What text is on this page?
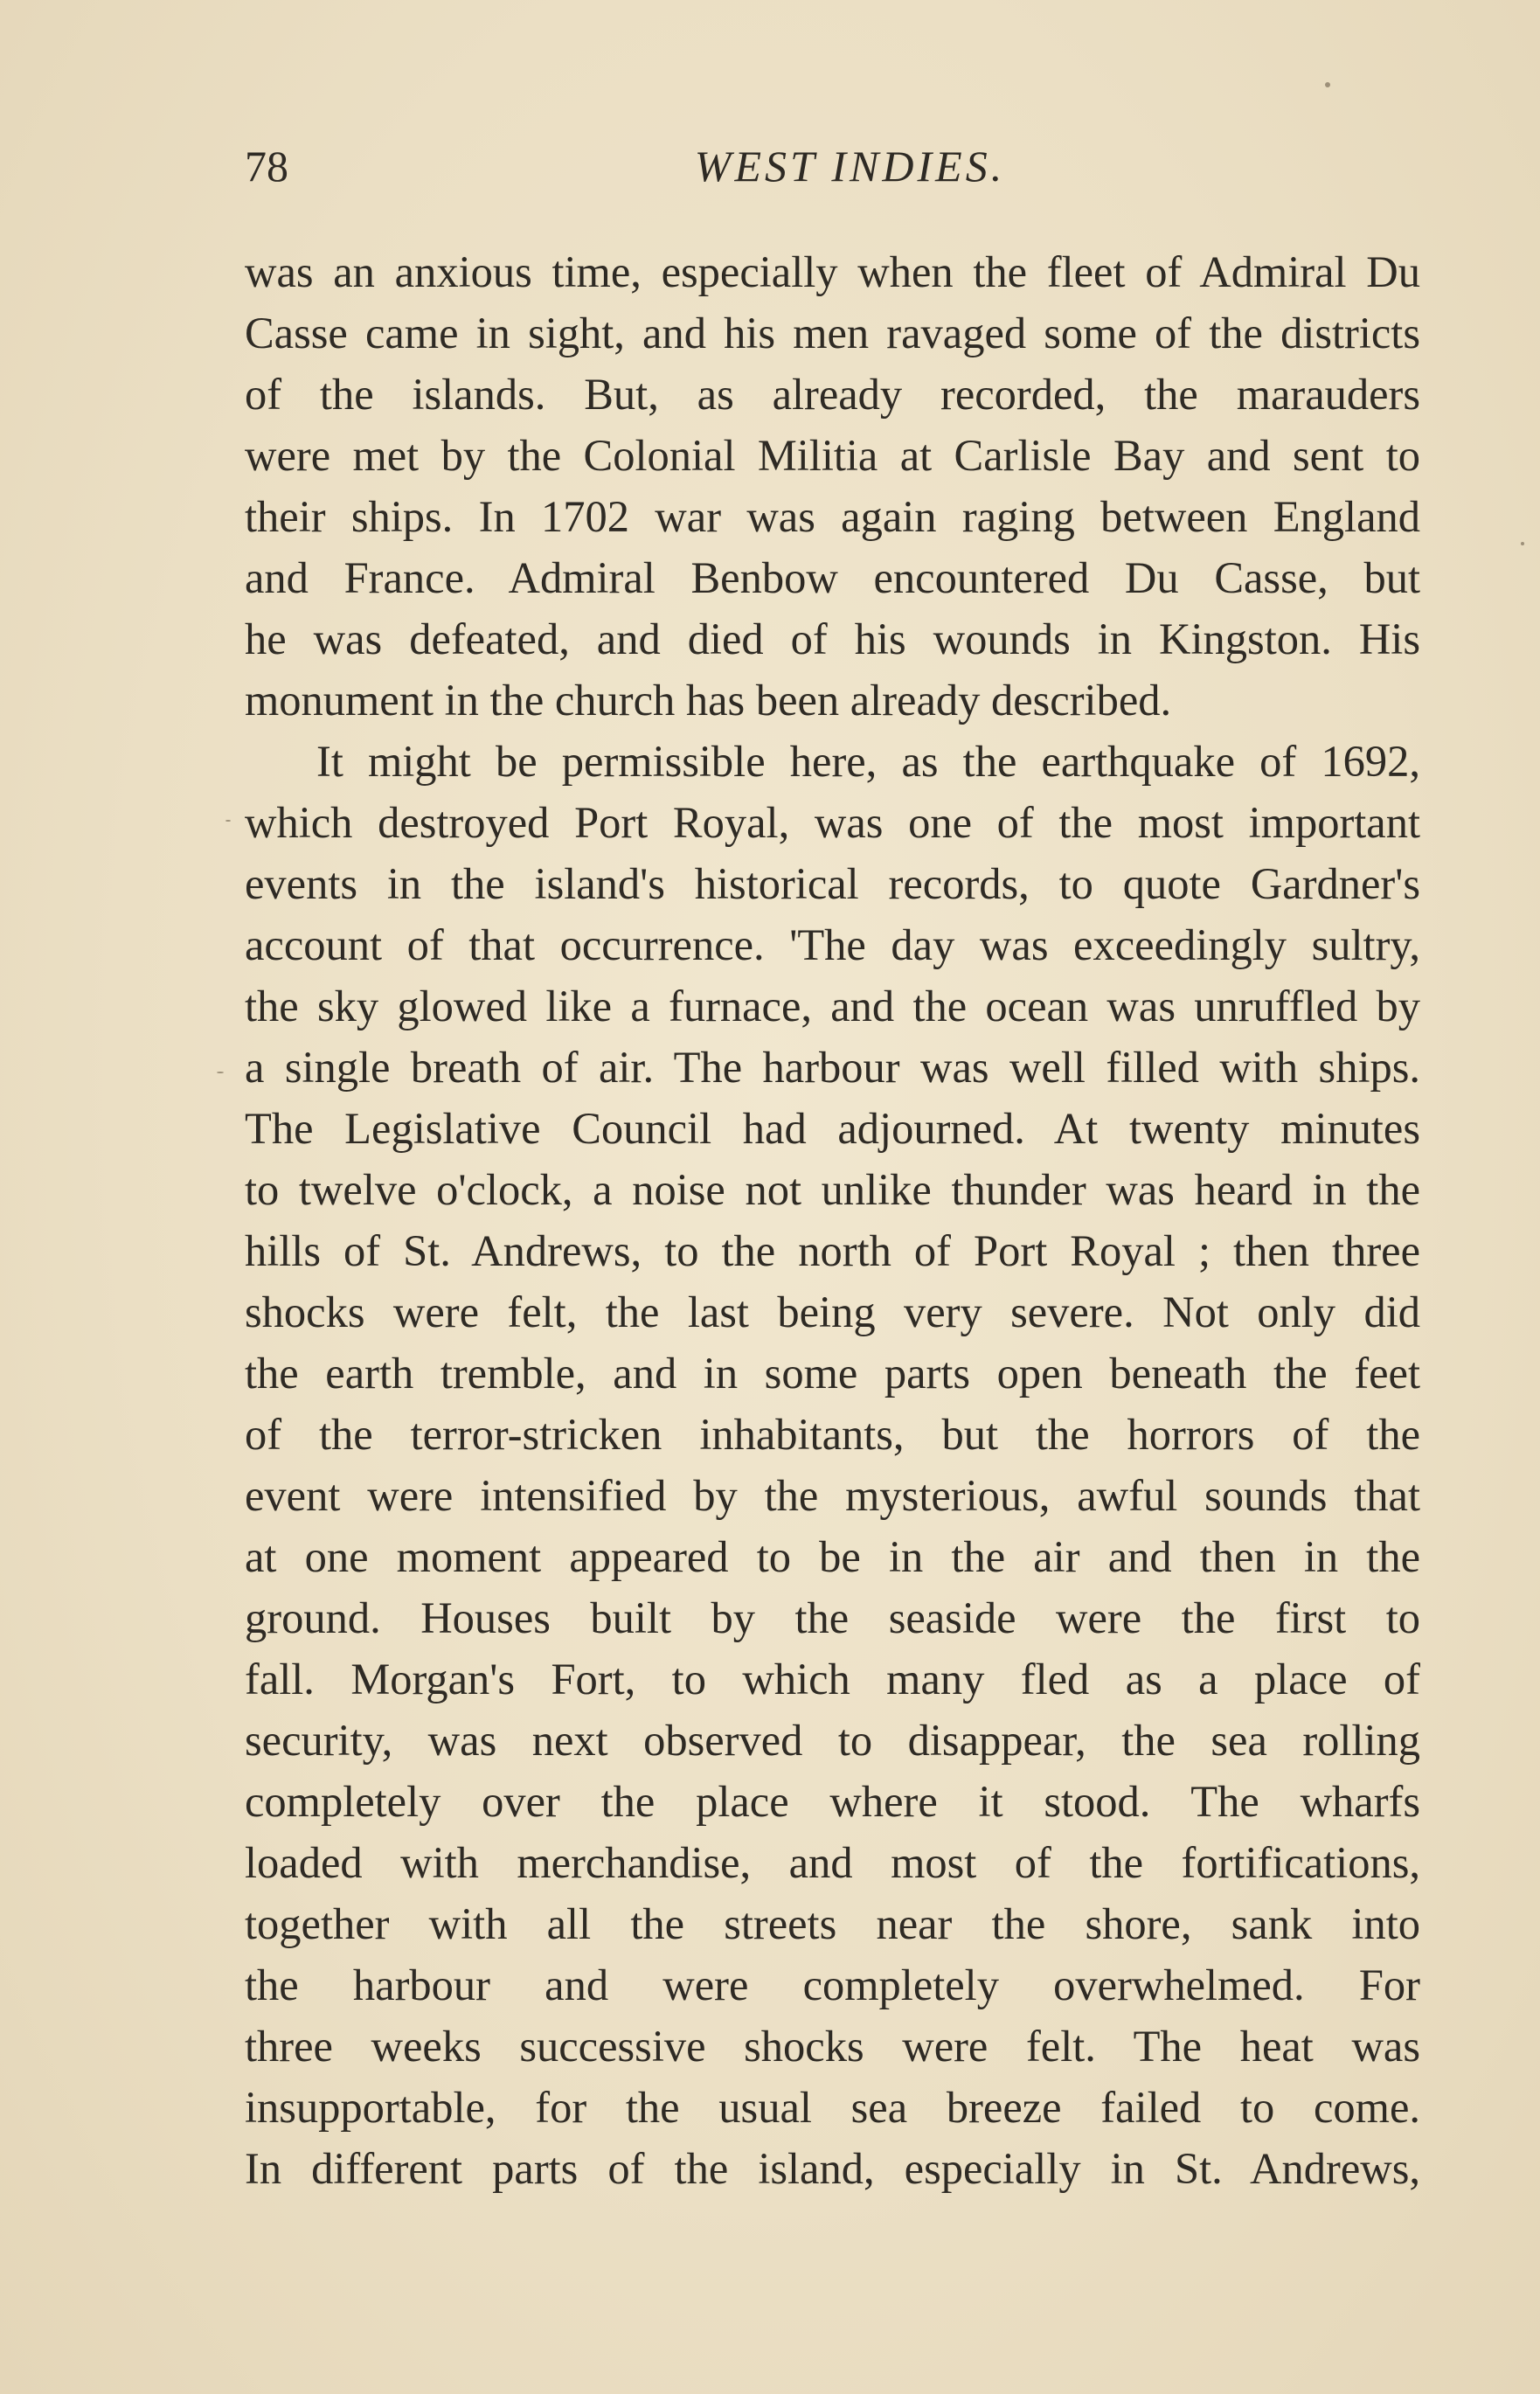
78	WEST INDIES.
was an anxious time, especially when the fleet of Admiral Du
Casse came in sight, and his men ravaged some of the districts
of the islands. But, as already recorded, the marauders
were met by the Colonial Militia at Carlisle Bay and sent to
their ships. In 1702 war was again raging between England
and France. Admiral Benbow encountered Du Casse, but
he was defeated, and died of his wounds in Kingston. His
monument in the church has been already described.
It might be permissible here, as the earthquake of 1692,
which destroyed Port Royal, was one of the most important
events in the island's historical records, to quote Gardner's
account of that occurrence. 'The day was exceedingly sultry,
the sky glowed like a furnace, and the ocean was unruffled by
a single breath of air. The harbour was well filled with ships.
The Legislative Council had adjourned. At twenty minutes
to twelve o'clock, a noise not unlike thunder was heard in the
hills of St. Andrews, to the north of Port Royal ; then three
shocks were felt, the last being very severe. Not only did
the earth tremble, and in some parts open beneath the feet
of the terror-stricken inhabitants, but the horrors of the
event were intensified by the mysterious, awful sounds that
at one moment appeared to be in the air and then in the
ground. Houses built by the seaside were the first to
fall. Morgan's Fort, to which many fled as a place of
security, was next observed to disappear, the sea rolling
completely over the place where it stood. The wharfs
loaded with merchandise, and most of the fortifications,
together with all the streets near the shore, sank into
the harbour and were completely overwhelmed. For
three weeks successive shocks were felt. The heat was
insupportable, for the usual sea breeze failed to come.
In different parts of the island, especially in St. Andrews,
